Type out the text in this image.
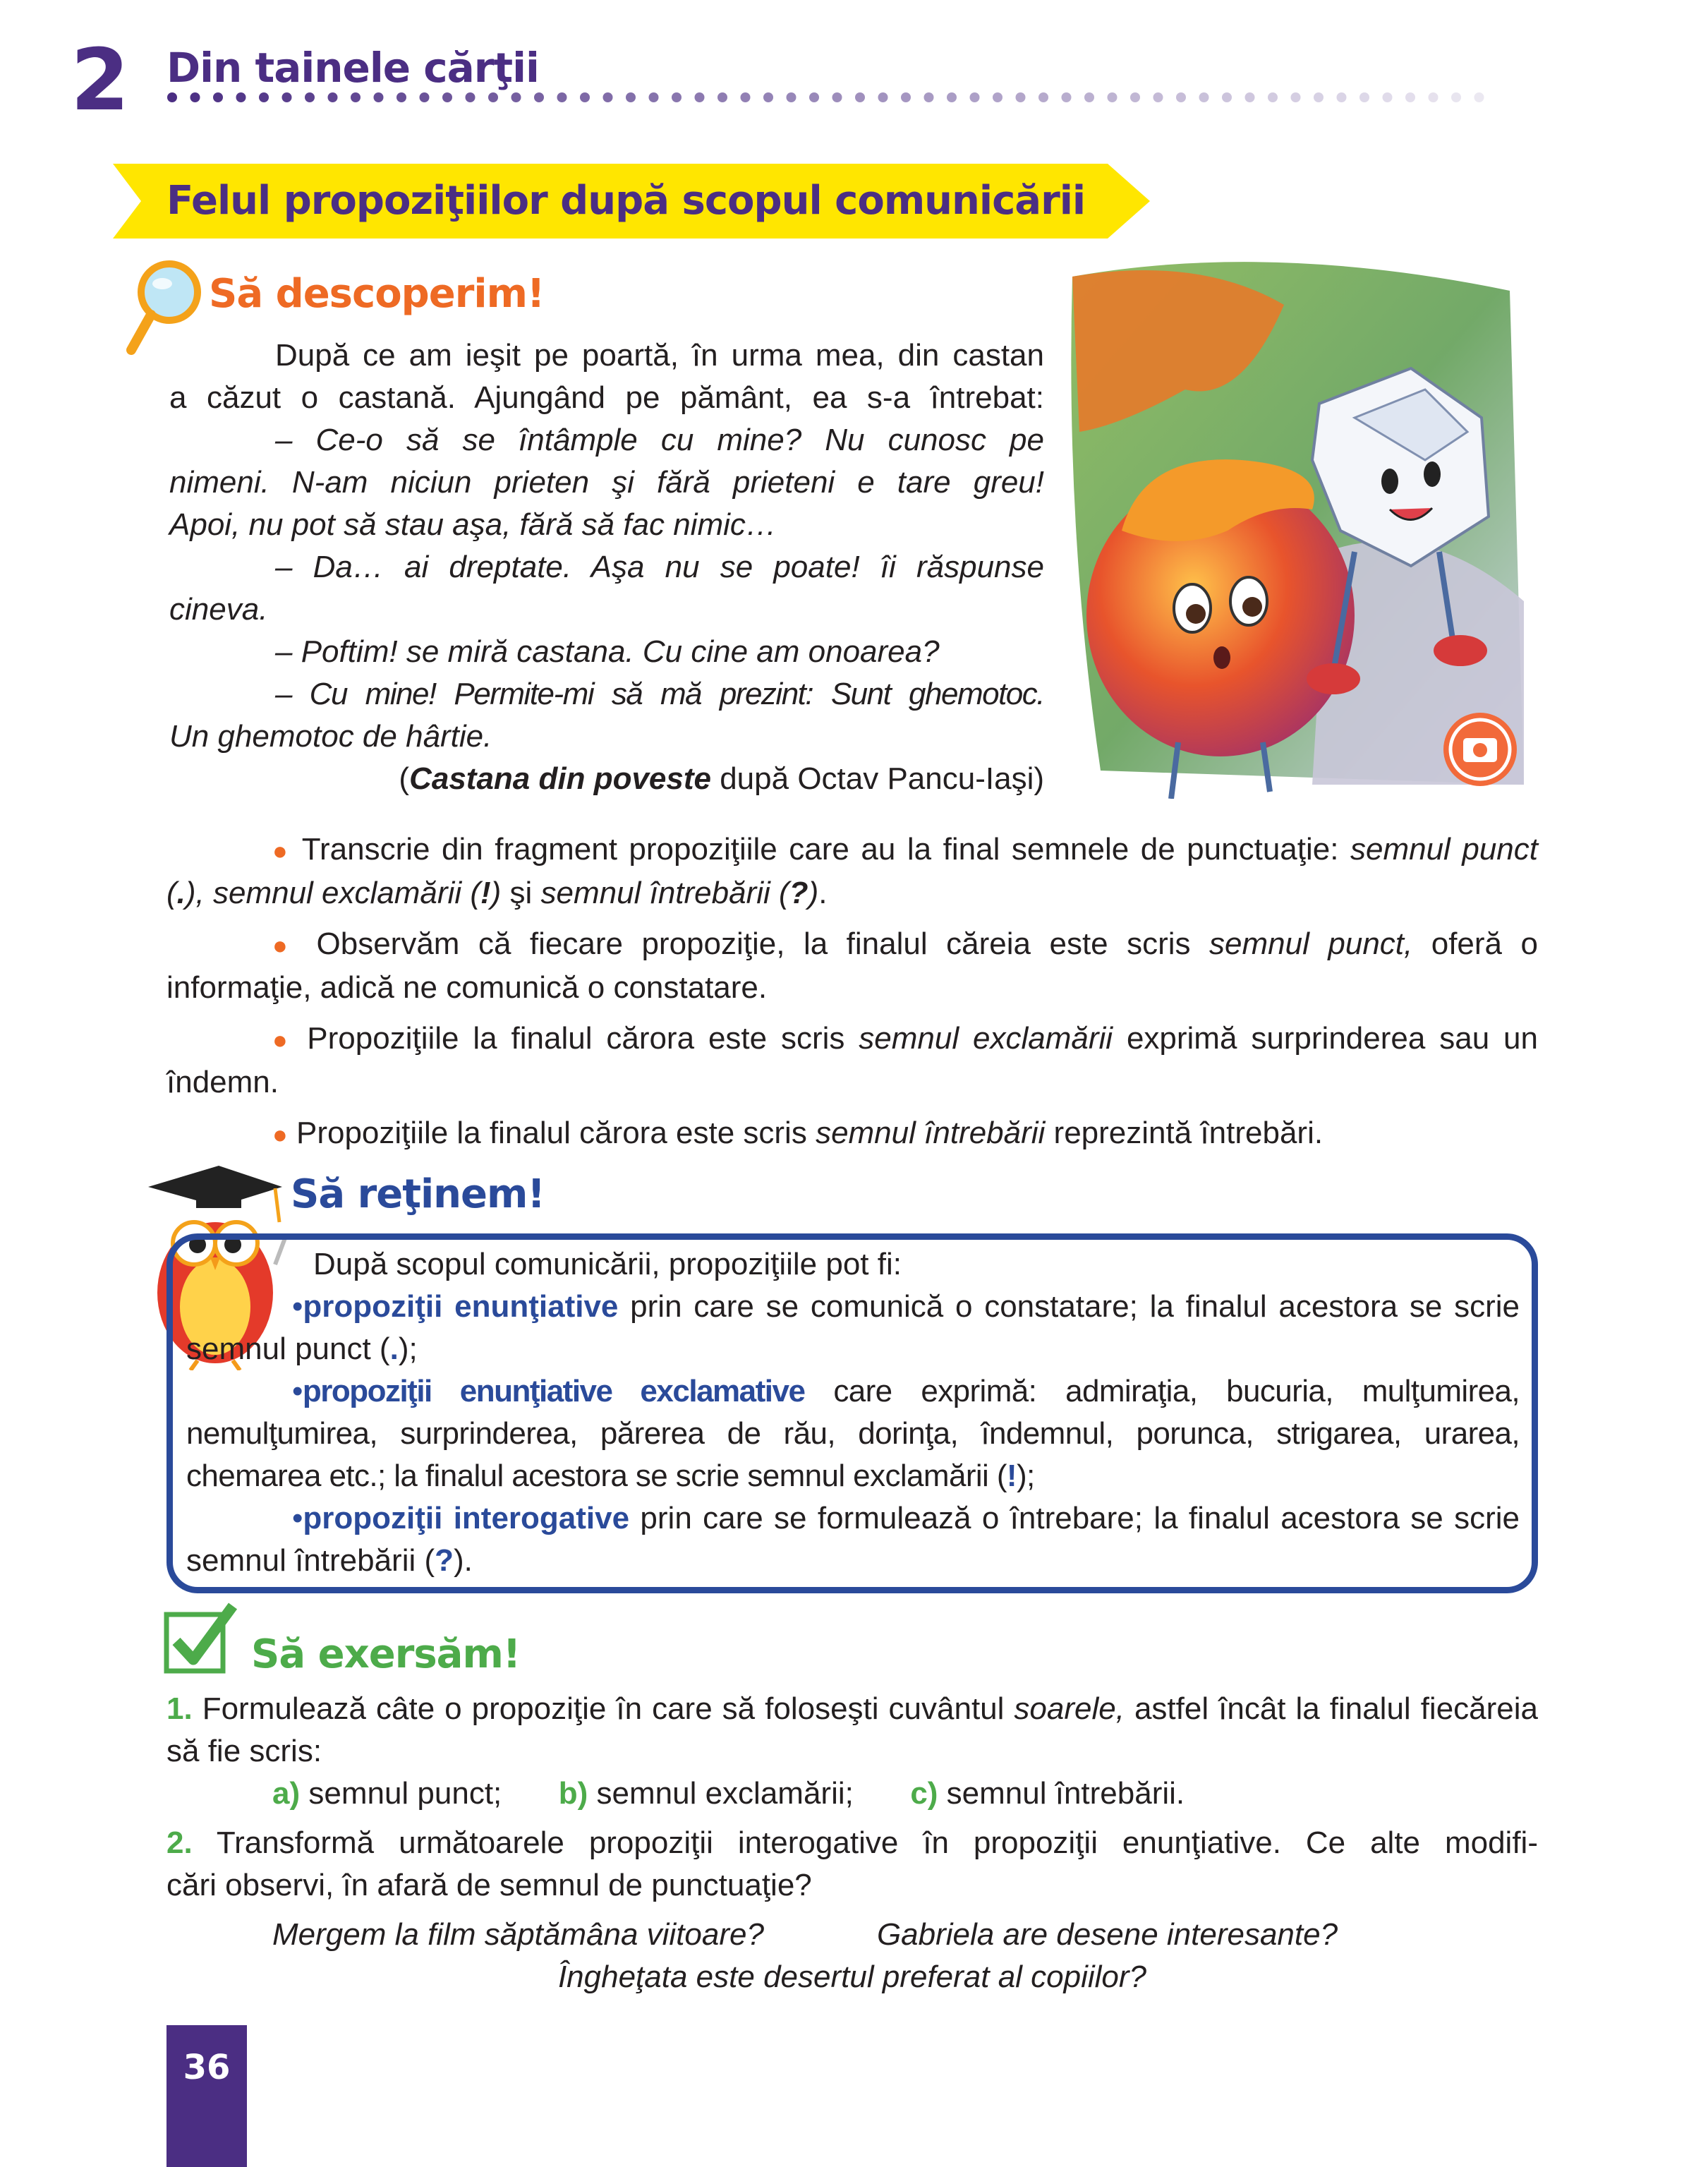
2 Din tainele cărţii
Felul propoziţiilor după scopul comunicării
Să descoperim!

După ce am ieşit pe poartă, în urma mea, din castan

a căzut o castană. Ajungând pe pământ, ea s-a întrebat:

– Ce-o să se întâmple cu mine? Nu cunosc pe

nimeni. N-am niciun prieten şi fără prieteni e tare greu!

Apoi, nu pot să stau aşa, fără să fac nimic…

– Da… ai dreptate. Aşa nu se poate! îi răspunse

cineva.

– Poftim! se miră castana. Cu cine am onoarea?

– Cu mine! Permite-mi să mă prezint: Sunt ghemotoc.

Un ghemotoc de hârtie.

(Castana din poveste după Octav Pancu-Iaşi)

● Transcrie din fragment propoziţiile care au la final semnele de punctuaţie: semnul punct (.), semnul exclamării (!) şi semnul întrebării (?).

● Observăm că fiecare propoziţie, la finalul căreia este scris semnul punct, oferă o informaţie, adică ne comunică o constatare.

● Propoziţiile la finalul cărora este scris semnul exclamării exprimă surprinderea sau un îndemn.

● Propoziţiile la finalul cărora este scris semnul întrebării reprezintă întrebări.

Să reţinem!

După scopul comunicării, propoziţiile pot fi:

•propoziţii enunţiative prin care se comunică o constatare; la finalul acestora se scrie semnul punct (.);

•propoziţii enunţiative exclamative care exprimă: admiraţia, bucuria, mulţumirea, nemulţumirea, surprinderea, părerea de rău, dorinţa, îndemnul, porunca, strigarea, urarea, chemarea etc.; la finalul acestora se scrie semnul exclamării (!);

•propoziţii interogative prin care se formulează o întrebare; la finalul acestora se scrie semnul întrebării (?).

Să exersăm!

1. Formulează câte o propoziţie în care să foloseşti cuvântul soarele, astfel încât la finalul fiecăreia să fie scris:

a) semnul punct; b) semnul exclamării; c) semnul întrebării.

2. Transformă următoarele propoziţii interogative în propoziţii enunţiative. Ce alte modifi-

cări observi, în afară de semnul de punctuaţie?

Mergem la film săptămâna viitoare?	Gabriela are desene interesante?

Îngheţata este desertul preferat al copiilor?

36
